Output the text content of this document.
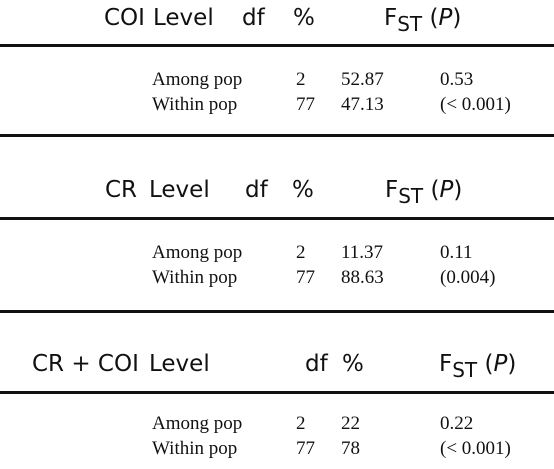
COI Level df %	FST (P)
Among pop	2 52.87	0.53
Within pop	77 47.13	(< 0.001)
CR Level df %	FST (P)
Among pop	2 11.37	0.11
Within pop	77 88.63	(0.004)
CR + COI Level	df %	FST (P)
Among pop	2 22	0.22
Within pop	77 78	(< 0.001)
